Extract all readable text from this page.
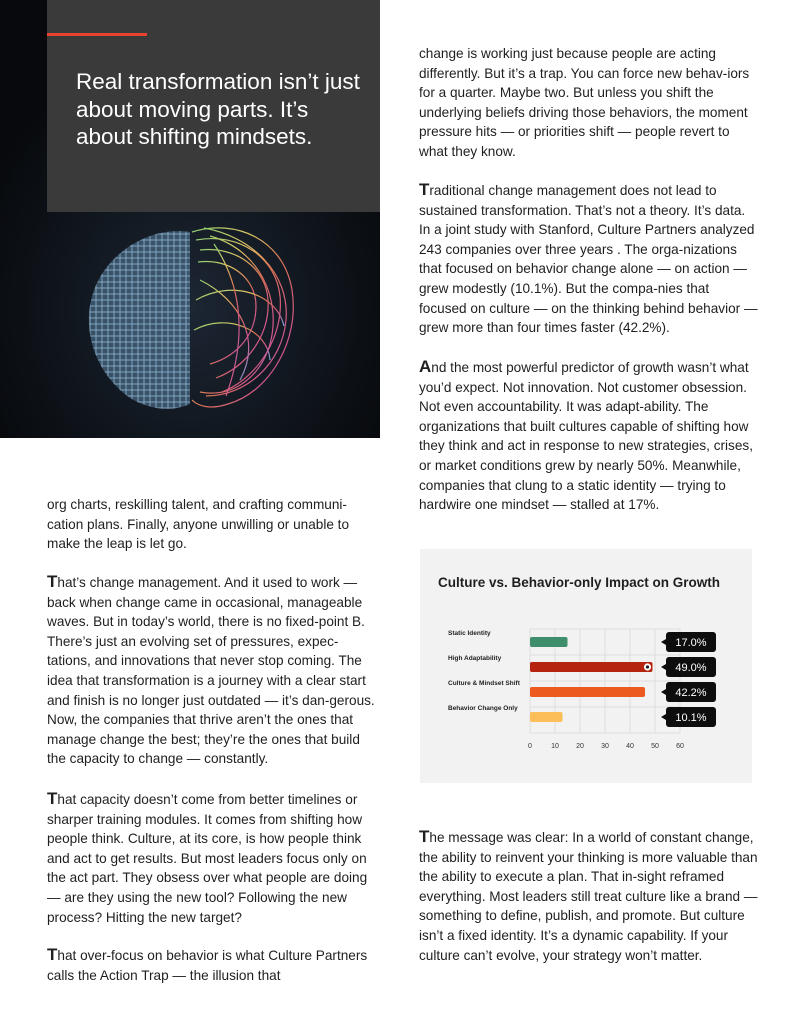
Real transformation isn’t just about moving parts. It’s about shifting mindsets.

org charts, reskilling talent, and crafting communi-cation plans. Finally, anyone unwilling or unable to make the leap is let go.

That’s change management. And it used to work — back when change came in occasional, manageable waves. But in today’s world, there is no fixed-point B. There’s just an evolving set of pressures, expec-tations, and innovations that never stop coming. The idea that transformation is a journey with a clear start and finish is no longer just outdated — it’s dan-gerous. Now, the companies that thrive aren’t the ones that manage change the best; they’re the ones that build the capacity to change — constantly.

That capacity doesn’t come from better timelines or sharper training modules. It comes from shifting how people think. Culture, at its core, is how people think and act to get results. But most leaders focus only on the act part. They obsess over what people are doing — are they using the new tool? Following the new process? Hitting the new target?

That over-focus on behavior is what Culture Partners calls the Action Trap — the illusion that

change is working just because people are acting differently. But it’s a trap. You can force new behav-iors for a quarter. Maybe two. But unless you shift the underlying beliefs driving those behaviors, the moment pressure hits — or priorities shift — people revert to what they know.

Traditional change management does not lead to sustained transformation. That’s not a theory. It’s data. In a joint study with Stanford, Culture Partners analyzed 243 companies over three years . The orga-nizations that focused on behavior change alone — on action — grew modestly (10.1%). But the compa-nies that focused on culture — on the thinking behind behavior — grew more than four times faster (42.2%).

And the most powerful predictor of growth wasn’t what you’d expect. Not innovation. Not customer obsession. Not even accountability. It was adapt-ability. The organizations that built cultures capable of shifting how they think and act in response to new strategies, crises, or market conditions grew by nearly 50%. Meanwhile, companies that clung to a static identity — trying to hardwire one mindset — stalled at 17%.

The message was clear: In a world of constant change, the ability to reinvent your thinking is more valuable than the ability to execute a plan. That in-sight reframed everything. Most leaders still treat culture like a brand — something to define, publish, and promote. But culture isn’t a fixed identity. It’s a dynamic capability. If your culture can’t evolve, your strategy won’t matter.

Culture vs. Behavior-only Impact on Growth
0	10 20 30 40 50 60
Static Identity
17.0%
High Adaptability
49.0%
Culture & Mindset Shift
42.2%
Behavior Change Only
10.1%
